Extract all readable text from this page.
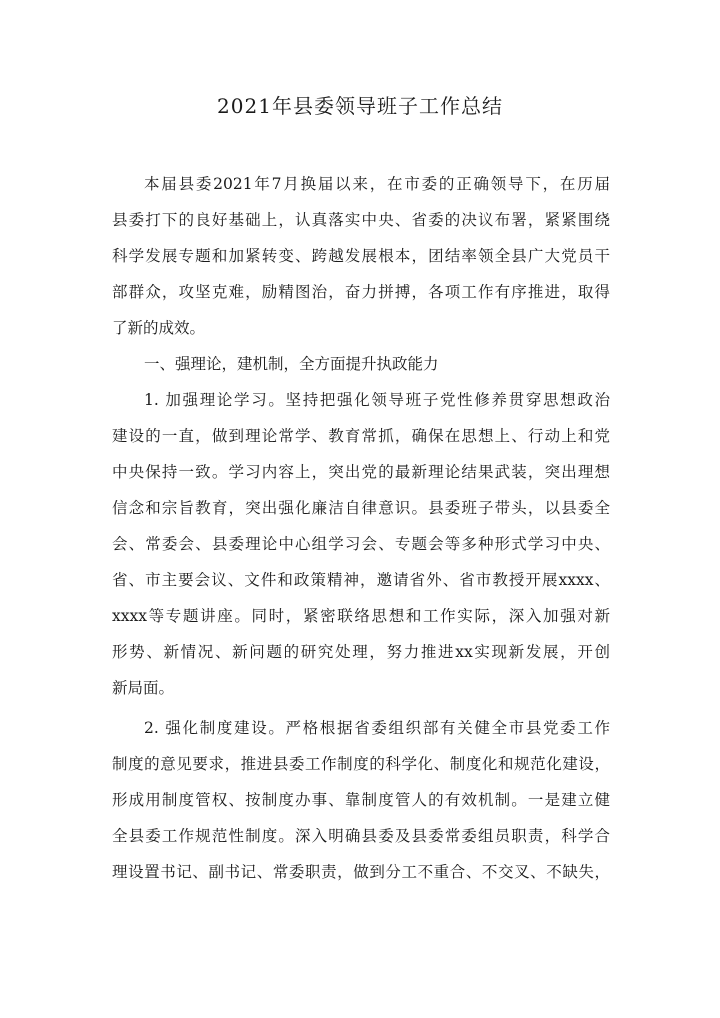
2021年县委领导班子工作总结
本届县委2021年7月换届以来，在市委的正确领导下，在历届
县委打下的良好基础上，认真落实中央、省委的决议布署，紧紧围绕
科学发展专题和加紧转变、跨越发展根本，团结率领全县广大党员干
部群众，攻坚克难，励精图治，奋力拼搏，各项工作有序推进，取得
了新的成效。
一、强理论，建机制，全方面提升执政能力
1. 加强理论学习。坚持把强化领导班子党性修养贯穿思想政治
建设的一直，做到理论常学、教育常抓，确保在思想上、行动上和党
中央保持一致。学习内容上，突出党的最新理论结果武装，突出理想
信念和宗旨教育，突出强化廉洁自律意识。县委班子带头，以县委全
会、常委会、县委理论中心组学习会、专题会等多种形式学习中央、
省、市主要会议、文件和政策精神，邀请省外、省市教授开展xxxx、
xxxx等专题讲座。同时，紧密联络思想和工作实际，深入加强对新
形势、新情况、新问题的研究处理，努力推进xx实现新发展，开创
新局面。
2. 强化制度建设。严格根据省委组织部有关健全市县党委工作
制度的意见要求，推进县委工作制度的科学化、制度化和规范化建设，
形成用制度管权、按制度办事、靠制度管人的有效机制。一是建立健
全县委工作规范性制度。深入明确县委及县委常委组员职责，科学合
理设置书记、副书记、常委职责，做到分工不重合、不交叉、不缺失，
